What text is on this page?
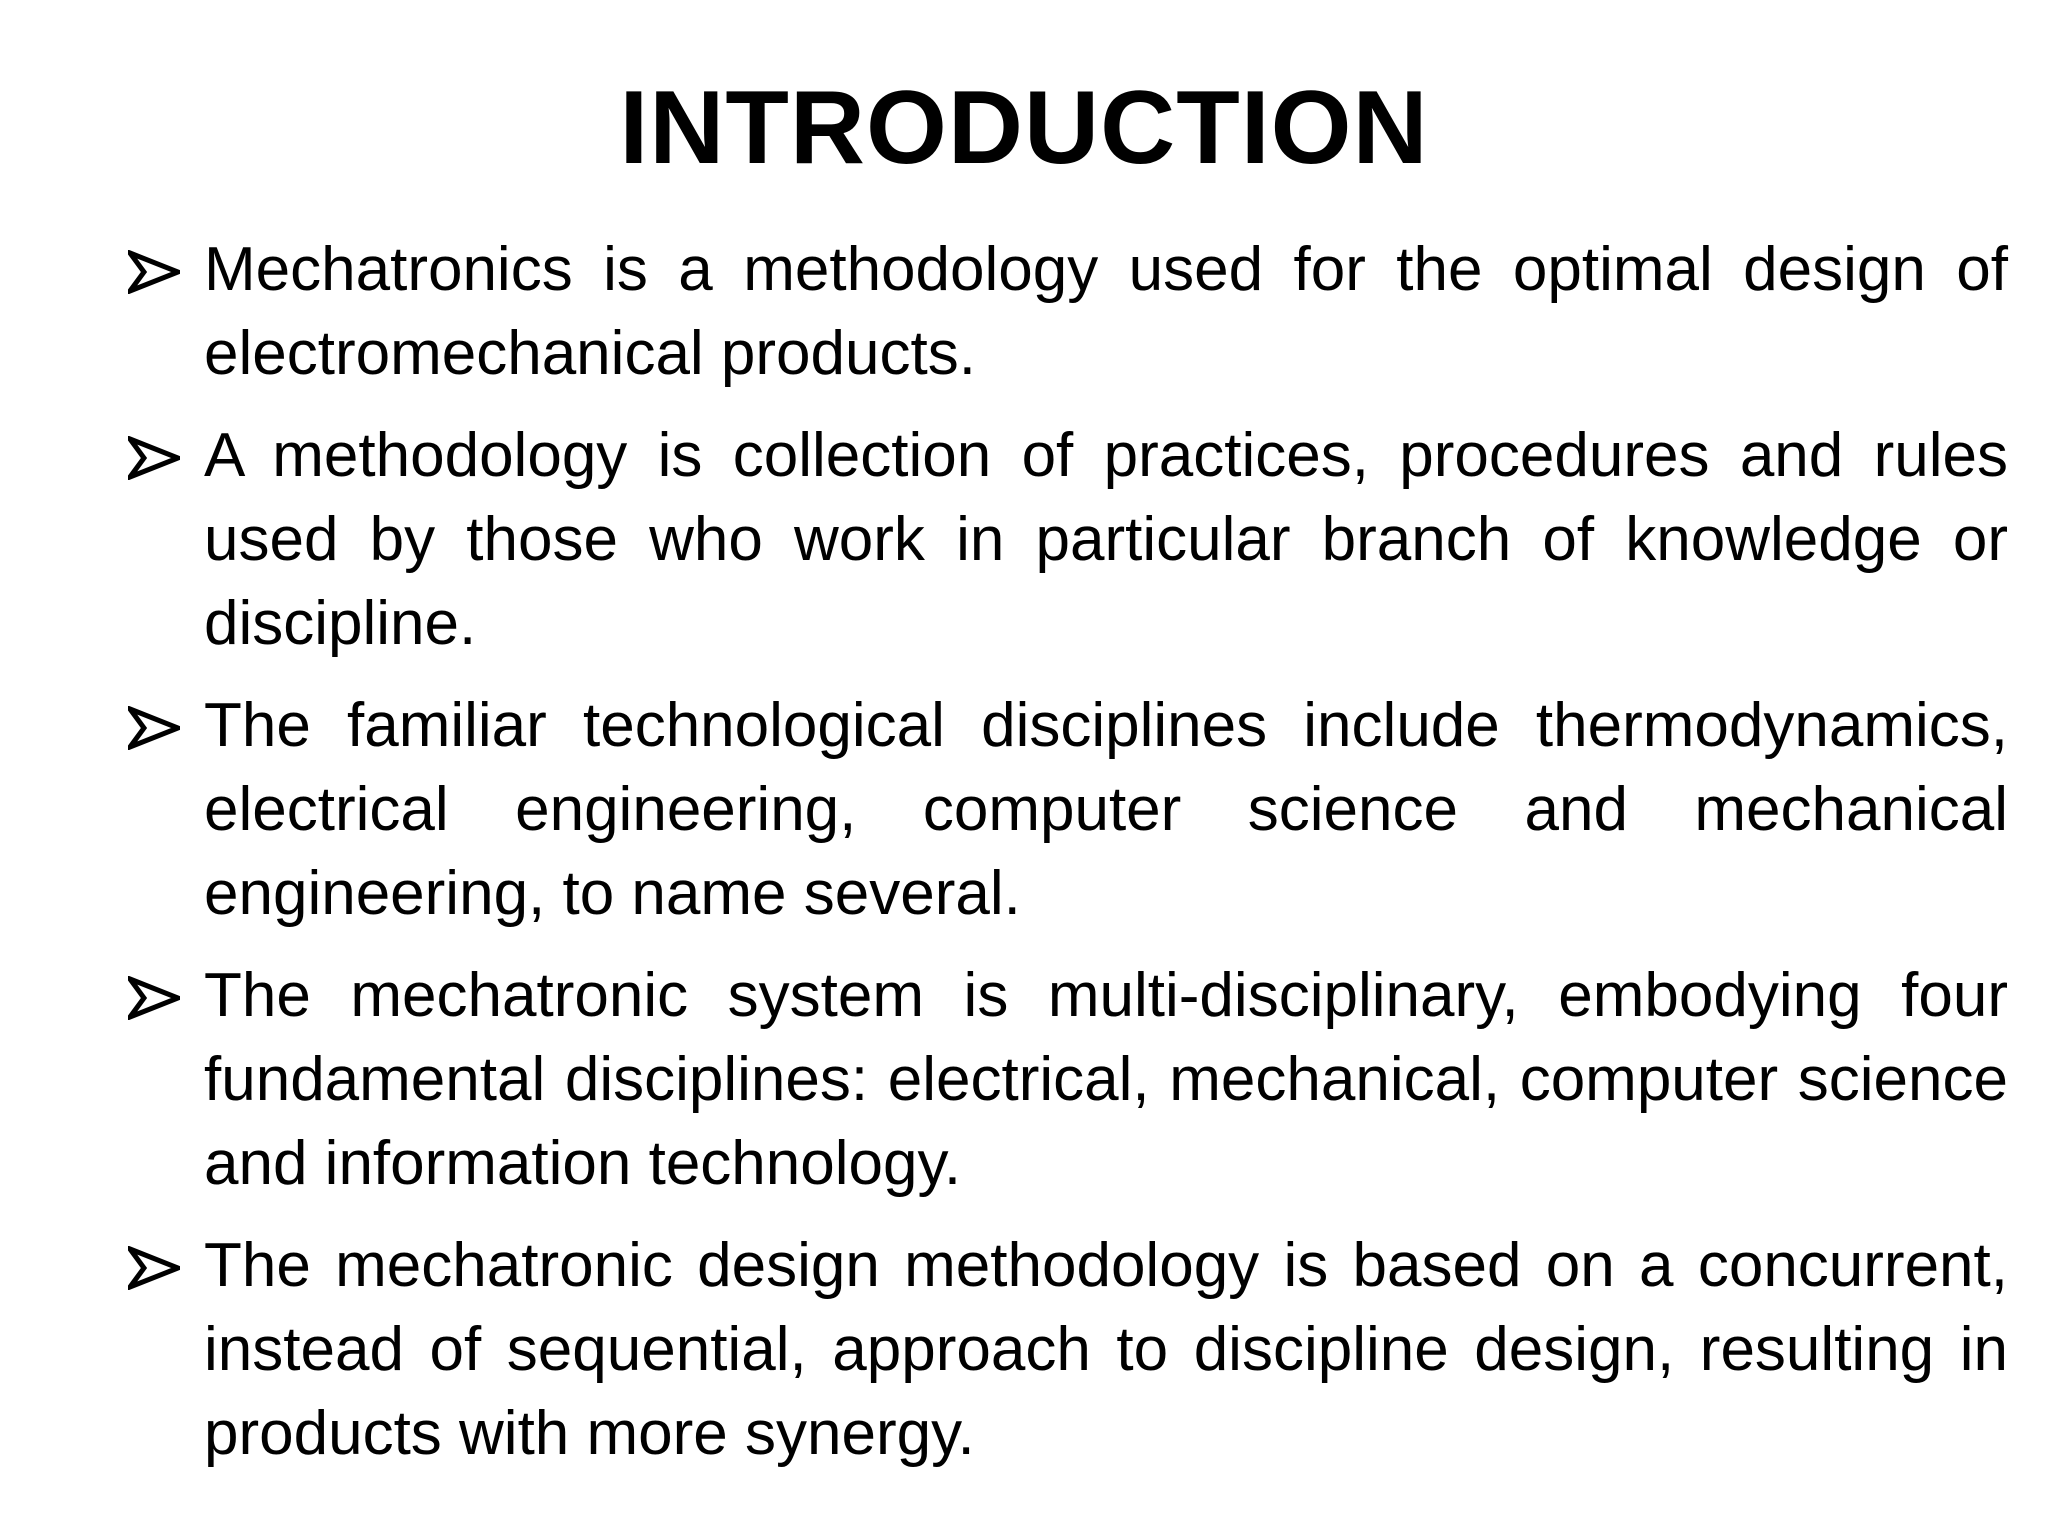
INTRODUCTION
Mechatronics is a methodology used for the optimal design of electromechanical products.
A methodology is collection of practices, procedures and rules used by those who work in particular branch of knowledge or discipline.
The familiar technological disciplines include thermodynamics, electrical engineering, computer science and mechanical engineering, to name several.
The mechatronic system is multi-disciplinary, embodying four fundamental disciplines: electrical, mechanical, computer science and information technology.
The mechatronic design methodology is based on a concurrent, instead of sequential, approach to discipline design, resulting in products with more synergy.
